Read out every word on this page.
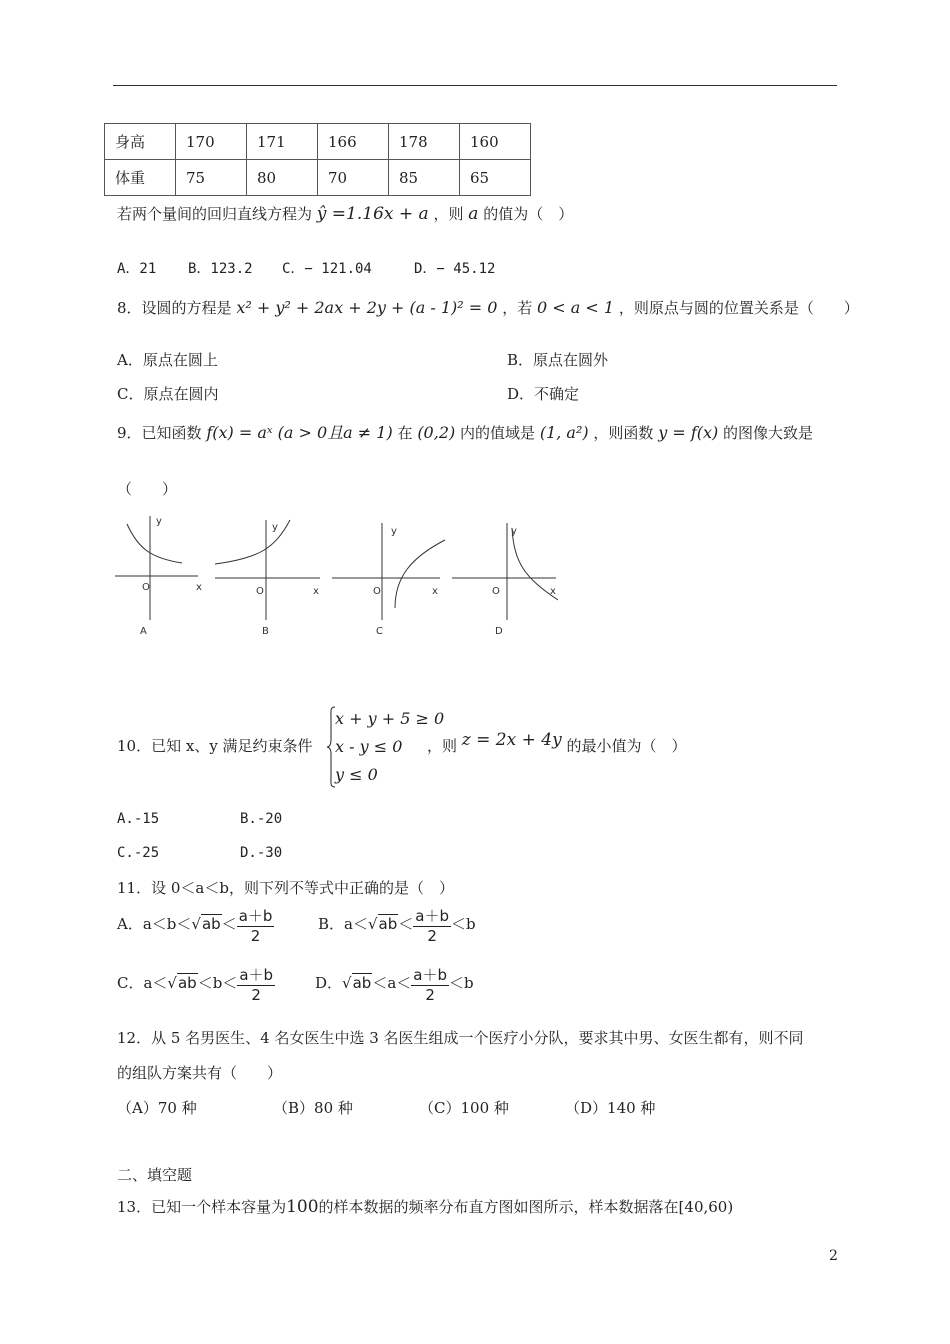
身高	170	171	166	178	160
体重	75	80	70	85	65
若两个量间的回归直线方程为 ŷ =1.16x + a ，则 a 的值为（　）
A．21 B．123.2 C．− 121.04	D．− 45.12
8．设圆的方程是 x² + y² + 2ax + 2y + (a - 1)² = 0 ，若 0 < a < 1 ，则原点与圆的位置关系是（　　）
A．原点在圆上	B．原点在圆外
C．原点在圆内	D．不确定
9．已知函数 f(x) = aˣ (a > 0且a ≠ 1) 在 (0,2) 内的值域是 (1, a²) ，则函数 y = f(x) 的图像大致是
（　　）
y
O	x
A
y
O	x
B
y
O	x
C
y
O	x
D
10．已知 x、y 满足约束条件
x + y + 5 ≥ 0
x - y ≤ 0
y ≤ 0
，则 z = 2x + 4y 的最小值为（　）
A.-15	B.-20
C.-25	D.-30
11．设 0＜a＜b，则下列不等式中正确的是（　）
A．$a<b<√ab< \frac{a+b}{2}$	B．$a<√ab< \frac{a+b}{2} <b$
C．$a<√ab<b< \frac{a+b}{2}$	D．$√ab<a< \frac{a+b}{2} <b$
12．从 5 名男医生、4 名女医生中选 3 名医生组成一个医疗小分队，要求其中男、女医生都有，则不同
的组队方案共有（　　）
（A）70 种	（B）80 种	（C）100 种	（D）140 种
二、填空题
13．已知一个样本容量为100的样本数据的频率分布直方图如图所示，样本数据落在[40,60)
2
